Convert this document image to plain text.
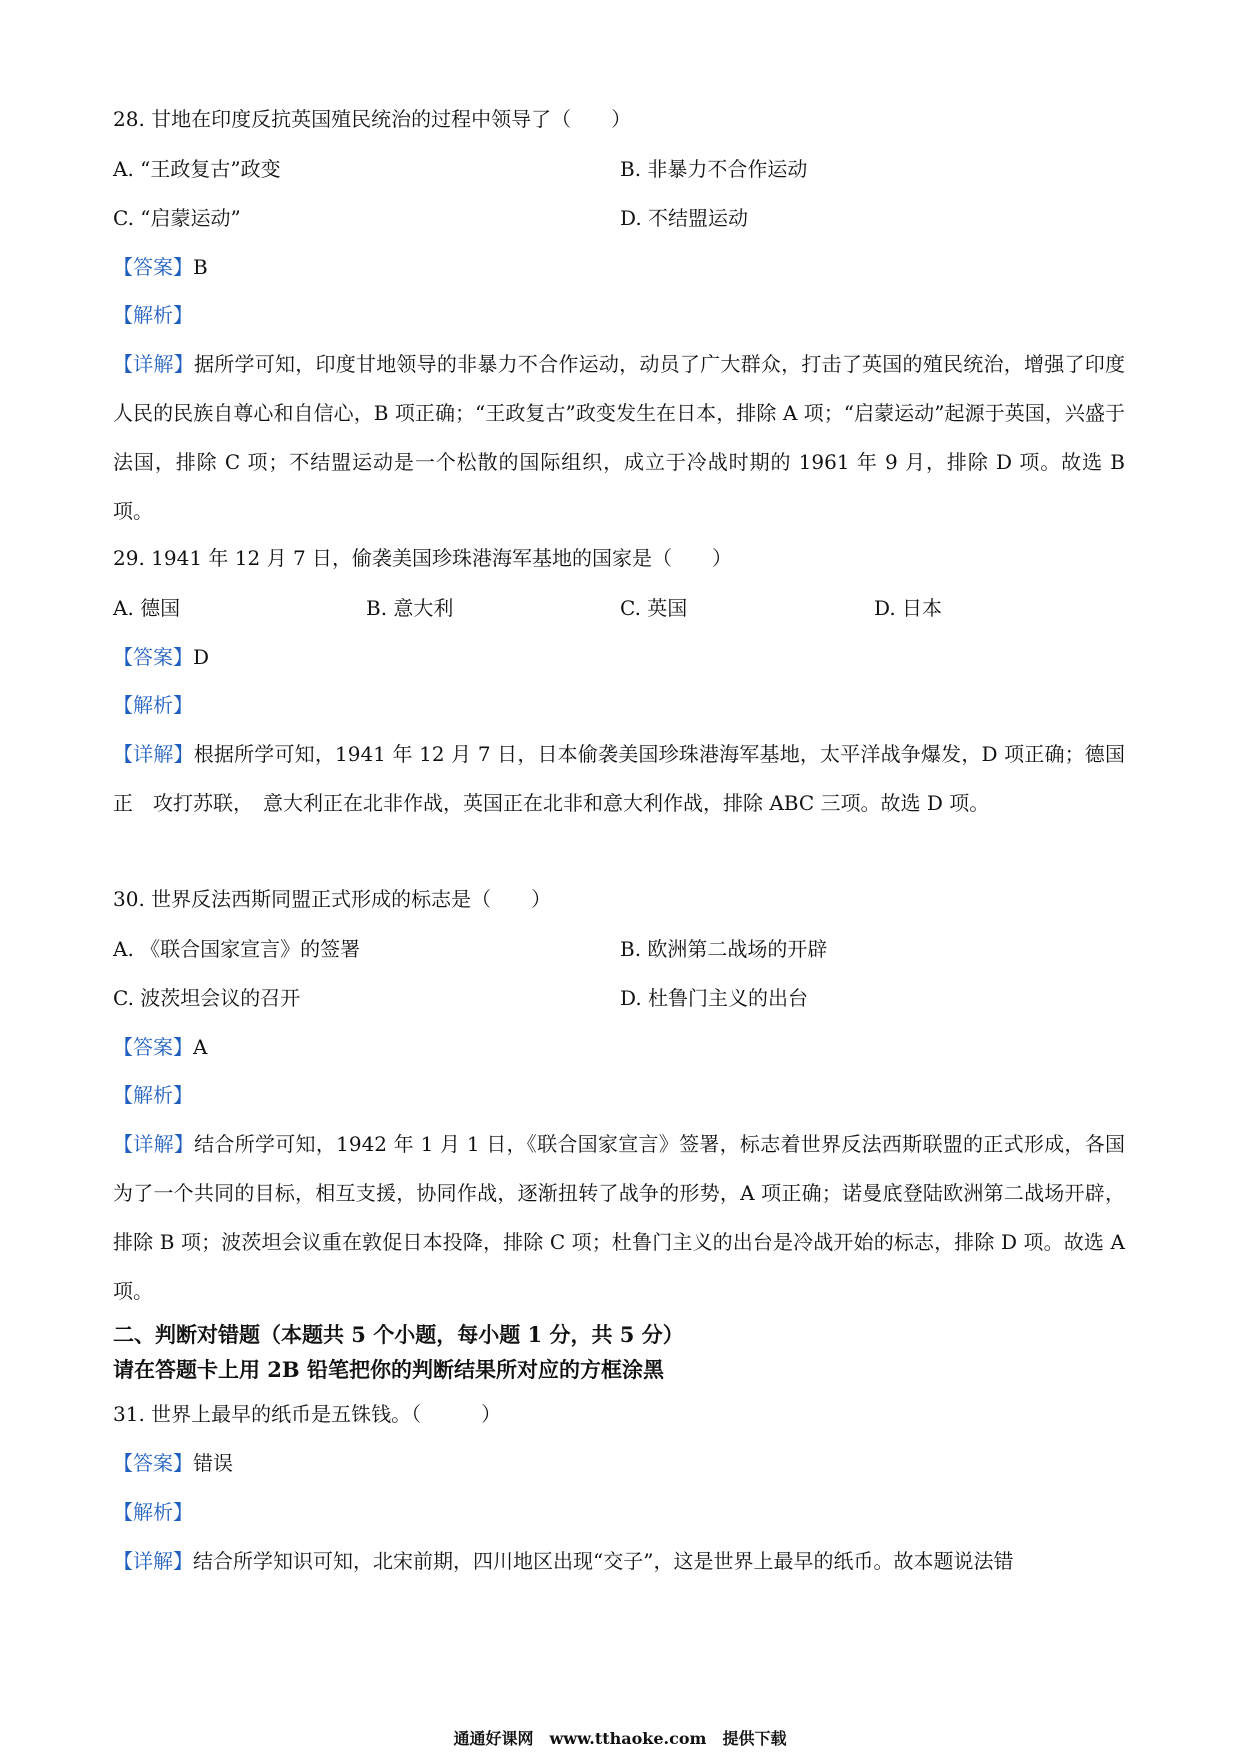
28. 甘地在印度反抗英国殖民统治的过程中领导了（　　）
A. “王政复古”政变	B. 非暴力不合作运动
C. “启蒙运动”	D. 不结盟运动
【答案】B
【解析】
【详解】据所学可知，印度甘地领导的非暴力不合作运动，动员了广大群众，打击了英国的殖民统治，增强了印度人民的民族自尊心和自信心，B 项正确；“王政复古”政变发生在日本，排除 A 项；“启蒙运动”起源于英国，兴盛于法国，排除 C 项；不结盟运动是一个松散的国际组织，成立于冷战时期的 1961 年 9 月，排除 D 项。故选 B 项。
29. 1941 年 12 月 7 日，偷袭美国珍珠港海军基地的国家是（　　）
A. 德国	B. 意大利	C. 英国	D. 日本
【答案】D
【解析】
【详解】根据所学可知，1941 年 12 月 7 日，日本偷袭美国珍珠港海军基地，太平洋战争爆发，D 项正确；德国正　攻打苏联，　意大利正在北非作战，英国正在北非和意大利作战，排除 ABC 三项。故选 D 项。
30. 世界反法西斯同盟正式形成的标志是（　　）
A. 《联合国家宣言》的签署	B. 欧洲第二战场的开辟
C. 波茨坦会议的召开	D. 杜鲁门主义的出台
【答案】A
【解析】
【详解】结合所学可知，1942 年 1 月 1 日，《联合国家宣言》签署，标志着世界反法西斯联盟的正式形成，各国为了一个共同的目标，相互支援，协同作战，逐渐扭转了战争的形势，A 项正确；诺曼底登陆欧洲第二战场开辟，排除 B 项；波茨坦会议重在敦促日本投降，排除 C 项；杜鲁门主义的出台是冷战开始的标志，排除 D 项。故选 A 项。
二、判断对错题（本题共 5 个小题，每小题 1 分，共 5 分）
请在答题卡上用 2B 铅笔把你的判断结果所对应的方框涂黑
31. 世界上最早的纸币是五铢钱。（　　　）
【答案】错误
【解析】
【详解】结合所学知识可知，北宋前期，四川地区出现“交子”，这是世界上最早的纸币。故本题说法错
通通好课网　www.tthaoke.com　提供下载
